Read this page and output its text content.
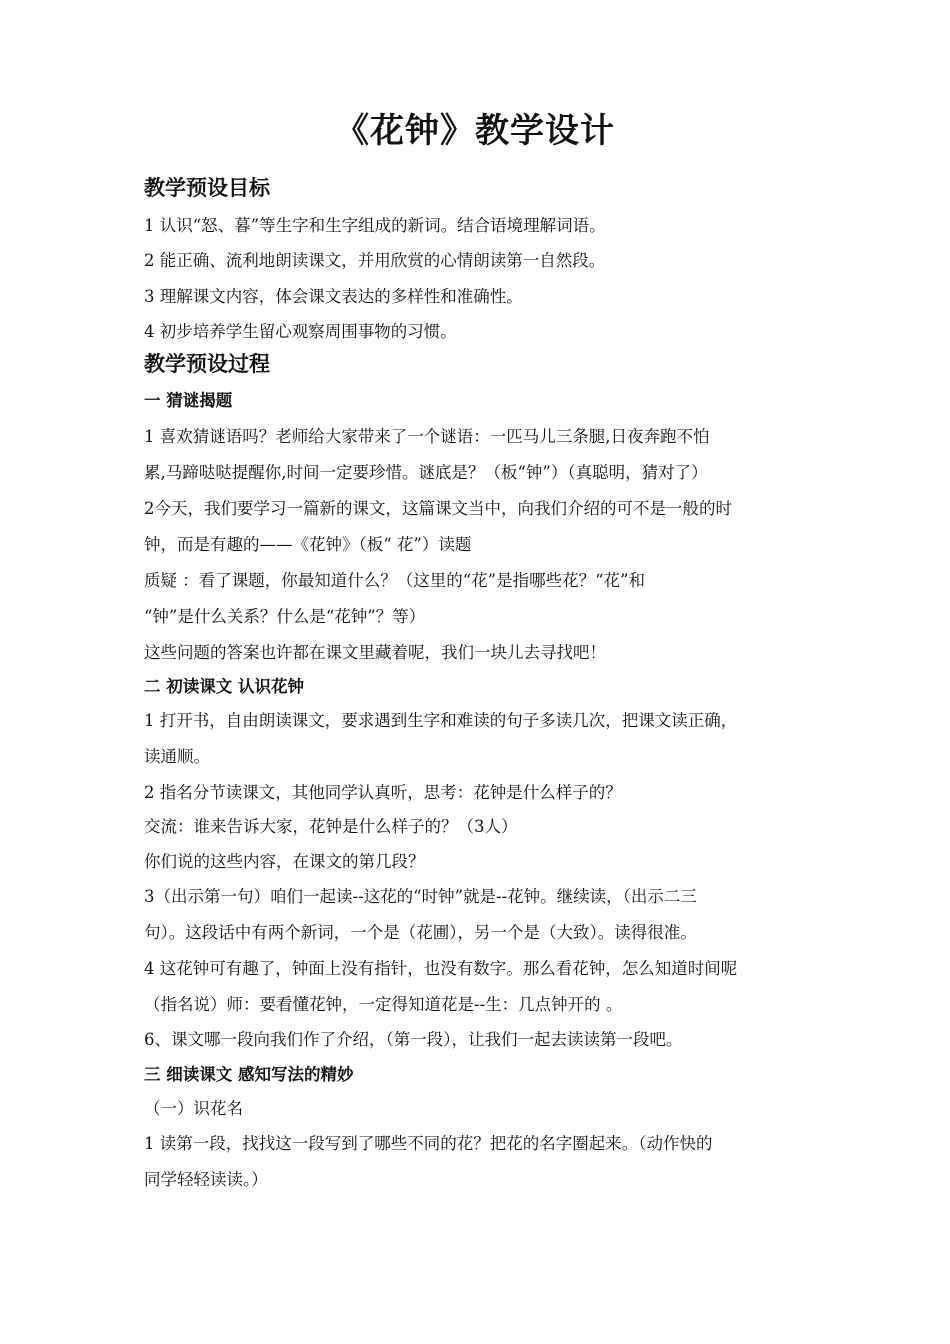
《花钟》教学设计
教学预设目标
1 认识“怒、暮”等生字和生字组成的新词。结合语境理解词语。
2 能正确、流利地朗读课文，并用欣赏的心情朗读第一自然段。
3 理解课文内容，体会课文表达的多样性和准确性。
4 初步培养学生留心观察周围事物的习惯。
教学预设过程
一 猜谜揭题
1 喜欢猜谜语吗？老师给大家带来了一个谜语：一匹马儿三条腿,日夜奔跑不怕
累,马蹄哒哒提醒你,时间一定要珍惜。谜底是？（板“钟”）（真聪明，猜对了）
2今天，我们要学习一篇新的课文，这篇课文当中，向我们介绍的可不是一般的时
钟，而是有趣的——《花钟》（板“ 花”）读题
质疑 ：看了课题，你最知道什么？（这里的“花”是指哪些花？“花”和
“钟”是什么关系？什么是“花钟”？等）
这些问题的答案也许都在课文里藏着呢，我们一块儿去寻找吧！
二 初读课文 认识花钟
1 打开书，自由朗读课文，要求遇到生字和难读的句子多读几次，把课文读正确，
读通顺。
2 指名分节读课文，其他同学认真听，思考：花钟是什么样子的？
交流：谁来告诉大家，花钟是什么样子的？（3人）
你们说的这些内容，在课文的第几段？
3（出示第一句）咱们一起读--这花的“时钟”就是--花钟。继续读，（出示二三
句）。这段话中有两个新词，一个是（花圃），另一个是（大致）。读得很准。
4 这花钟可有趣了，钟面上没有指针，也没有数字。那么看花钟，怎么知道时间呢
（指名说）师：要看懂花钟，一定得知道花是--生：几点钟开的 。
6、课文哪一段向我们作了介绍，（第一段），让我们一起去读读第一段吧。
三 细读课文 感知写法的精妙
（一）识花名
1 读第一段，找找这一段写到了哪些不同的花？把花的名字圈起来。（动作快的
同学轻轻读读。）
